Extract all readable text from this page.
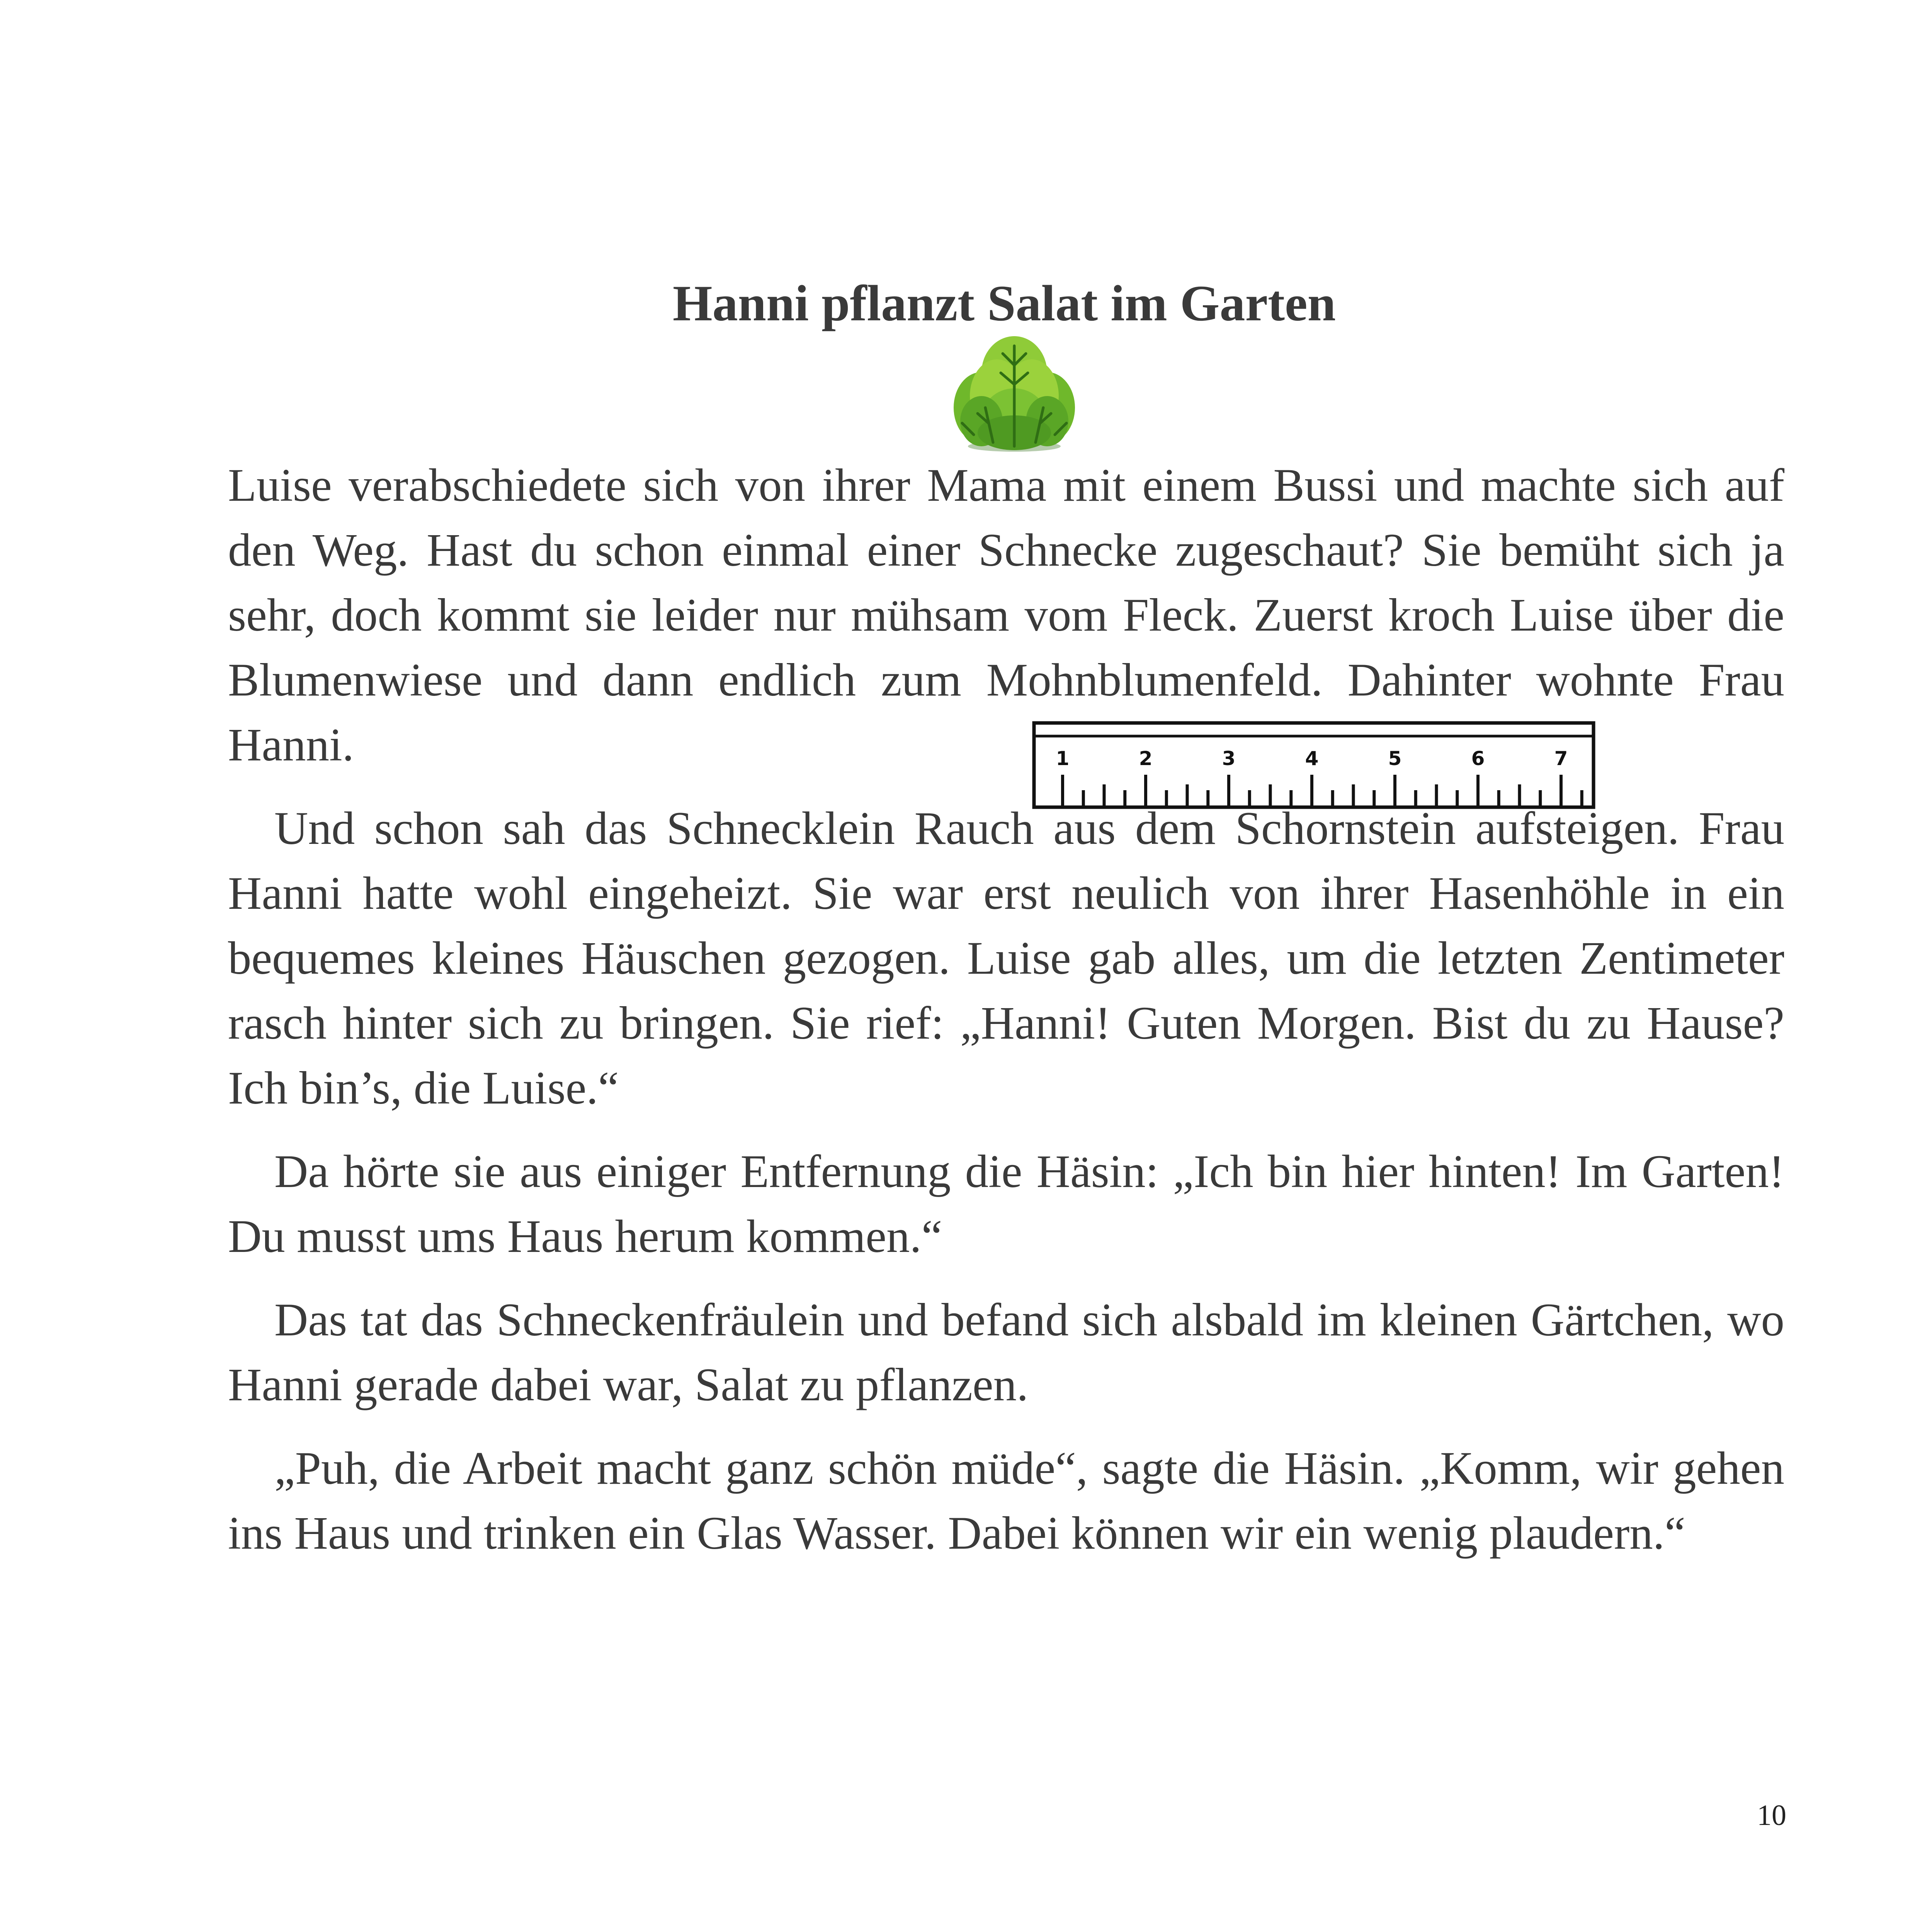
Hanni pflanzt Salat im Garten
1	2	3	4	5	6	7

Luise verabschiedete sich von ihrer Mama mit einem Bussi und machte sich auf den Weg. Hast du schon einmal einer Schnecke zugeschaut? Sie bemüht sich ja sehr, doch kommt sie leider nur mühsam vom Fleck. Zuerst kroch Luise über die Blumenwiese und dann endlich zum Mohnblumenfeld. Dahinter wohnte Frau Hanni.

Und schon sah das Schnecklein Rauch aus dem Schornstein aufsteigen. Frau Hanni hatte wohl eingeheizt. Sie war erst neulich von ihrer Hasenhöhle in ein bequemes kleines Häuschen gezogen. Luise gab alles, um die letzten Zentimeter rasch hinter sich zu bringen. Sie rief: „Hanni! Guten Morgen. Bist du zu Hause? Ich bin’s, die Luise.“

Da hörte sie aus einiger Entfernung die Häsin: „Ich bin hier hinten! Im Garten! Du musst ums Haus herum kommen.“

Das tat das Schneckenfräulein und befand sich alsbald im kleinen Gärtchen, wo Hanni gerade dabei war, Salat zu pflanzen.

„Puh, die Arbeit macht ganz schön müde“, sagte die Häsin. „Komm, wir gehen ins Haus und trinken ein Glas Wasser. Dabei können wir ein wenig plaudern.“

10
